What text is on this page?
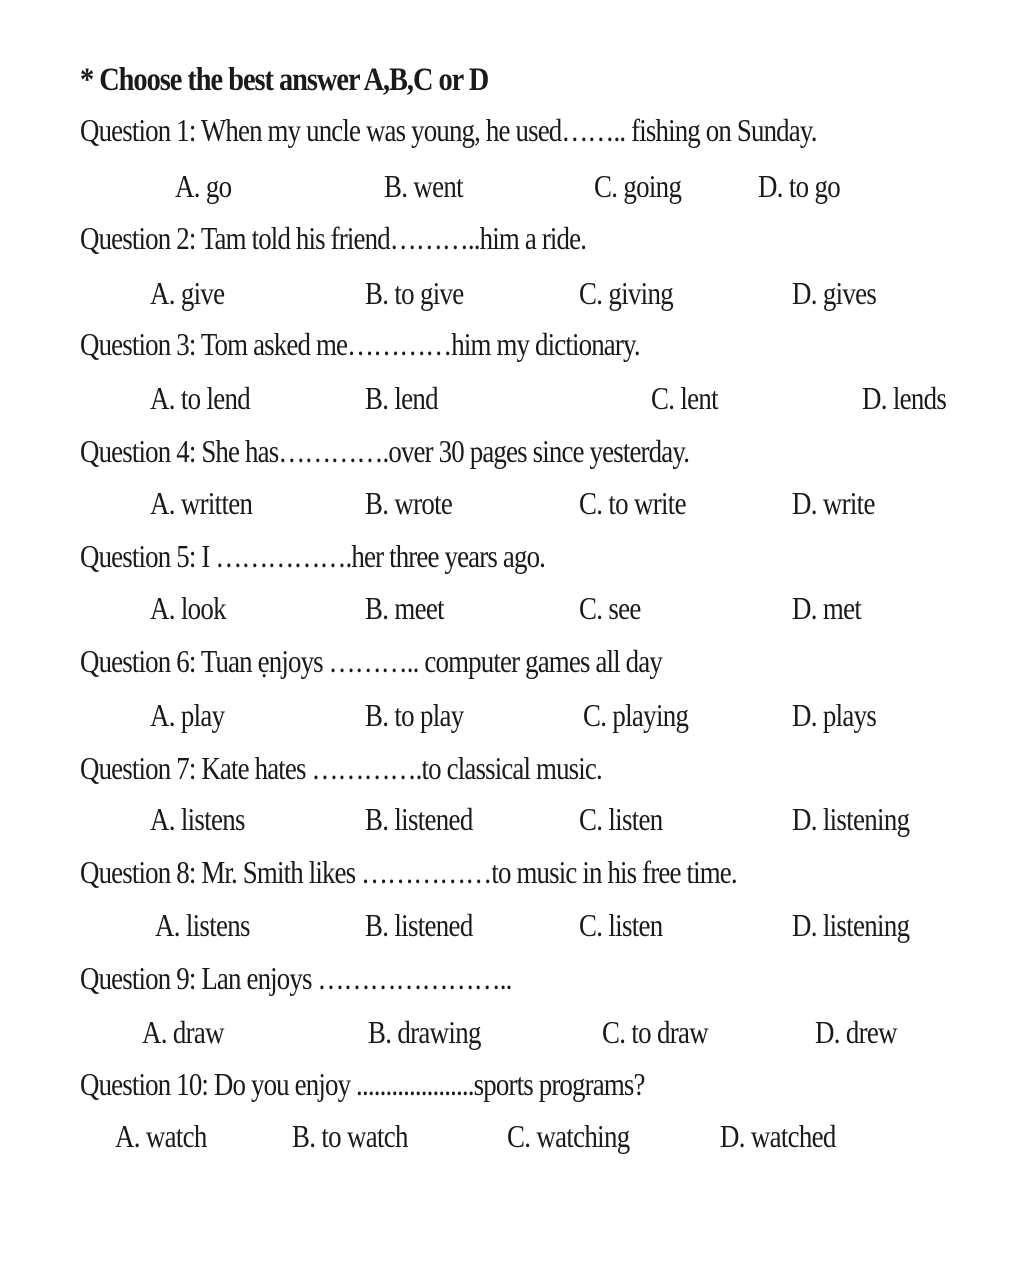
* Choose the best answer A,B,C or D
Question 1: When my uncle was young, he used…….. fishing on Sunday.
A. go	B. went	C. going D. to go
Question 2: Tam told his friend………..him a ride.
A. give	B. to give	C. giving	D. gives
Question 3: Tom asked me…………him my dictionary.
A. to lend	B. lend	C. lent	D. lends
Question 4: She has………….over 30 pages since yesterday.
A. written	B. wrote	C. to write	D. write
Question 5: I …………….her three years ago.
A. look	B. meet	C. see	D. met
Question 6: Tuan ẹnjoys ……….. computer games all day
A. play	B. to play	C. playing	D. plays
Question 7: Kate hates ………….to classical music.
A. listens	B. listened	C. listen	D. listening
Question 8: Mr. Smith likes ……………to music in his free time.
A. listens	B. listened	C. listen	D. listening
Question 9: Lan enjoys …………………..
A. draw	B. drawing	C. to draw	D. drew
Question 10: Do you enjoy ....................sports programs?
A. watch	B. to watch	C. watching	D. watched
